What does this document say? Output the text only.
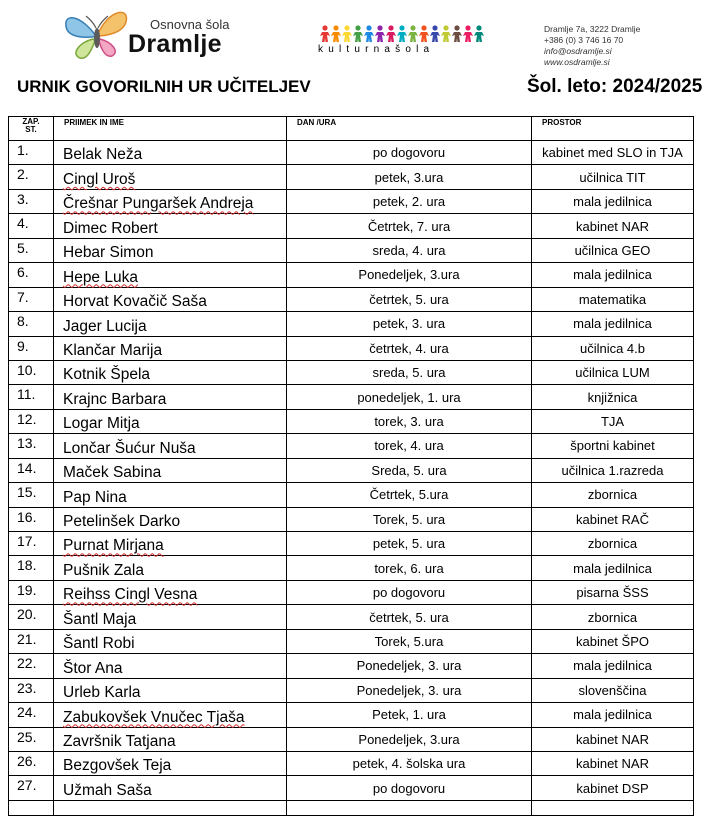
Osnovna šola
Dramlje	kulturnašola
Dramlje 7a, 3222 Dramlje
+386 (0) 3 746 16 70
info@osdramlje.si
www.osdramlje.si
URNIK GOVORILNIH UR UČITELJEV	Šol. leto: 2024/2025
ZAP.
ST.	PRIIMEK IN IME	DAN /URA	PROSTOR
1.	Belak Neža	po dogovoru	kabinet med SLO in TJA
2.	Cingl Uroš	petek, 3.ura	učilnica TIT
3.	Črešnar Pungaršek Andreja	petek, 2. ura	mala jedilnica
4.	Dimec Robert	Četrtek, 7. ura	kabinet NAR
5.	Hebar Simon	sreda, 4. ura	učilnica GEO
6.	Hepe Luka	Ponedeljek, 3.ura	mala jedilnica
7.	Horvat Kovačič Saša	četrtek, 5. ura	matematika
8.	Jager Lucija	petek, 3. ura	mala jedilnica
9.	Klančar Marija	četrtek, 4. ura	učilnica 4.b
10.	Kotnik Špela	sreda, 5. ura	učilnica LUM
11.	Krajnc Barbara	ponedeljek, 1. ura	knjižnica
12.	Logar Mitja	torek, 3. ura	TJA
13.	Lončar Šućur Nuša	torek, 4. ura	športni kabinet
14.	Maček Sabina	Sreda, 5. ura	učilnica 1.razreda
15.	Pap Nina	Četrtek, 5.ura	zbornica
16.	Petelinšek Darko	Torek, 5. ura	kabinet RAČ
17.	Purnat Mirjana	petek, 5. ura	zbornica
18.	Pušnik Zala	torek, 6. ura	mala jedilnica
19.	Reihss Cingl Vesna	po dogovoru	pisarna ŠSS
20.	Šantl Maja	četrtek, 5. ura	zbornica
21.	Šantl Robi	Torek, 5.ura	kabinet ŠPO
22.	Štor Ana	Ponedeljek, 3. ura	mala jedilnica
23.	Urleb Karla	Ponedeljek, 3. ura	slovenščina
24.	Zabukovšek Vnučec Tjaša	Petek, 1. ura	mala jedilnica
25.	Završnik Tatjana	Ponedeljek, 3.ura	kabinet NAR
26.	Bezgovšek Teja	petek, 4. šolska ura	kabinet NAR
27.	Užmah Saša	po dogovoru	kabinet DSP
